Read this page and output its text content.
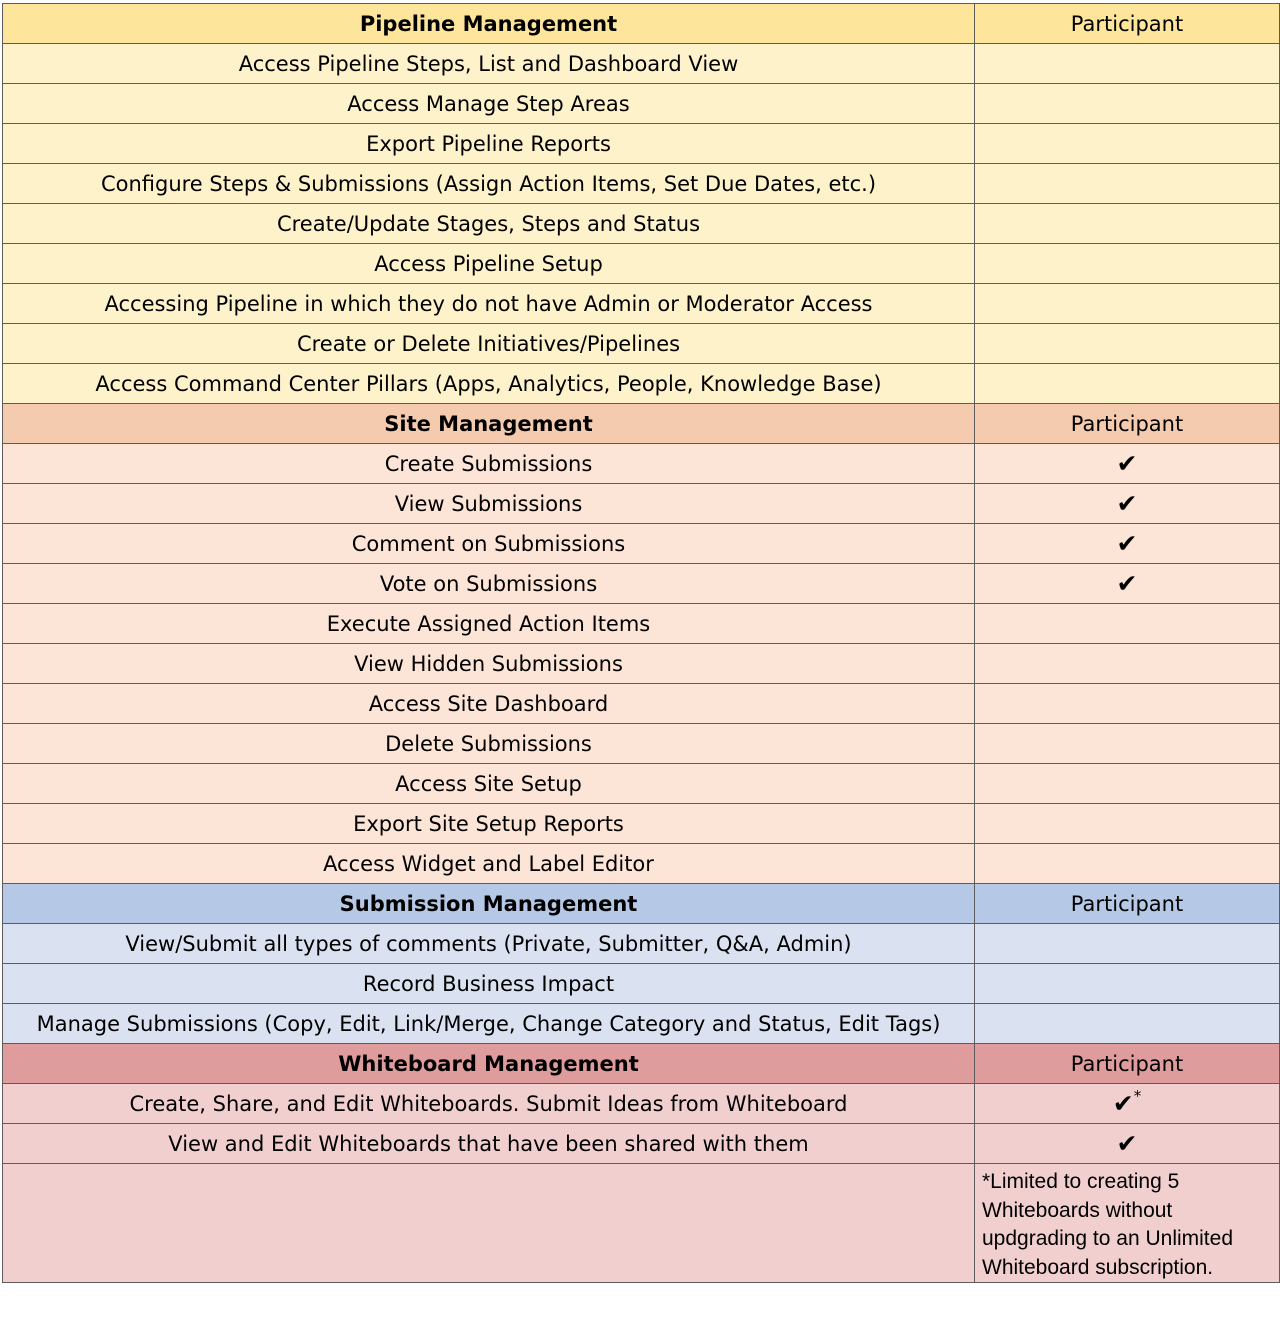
Pipeline Management	Participant
Access Pipeline Steps, List and Dashboard View	
Access Manage Step Areas	
Export Pipeline Reports	
Configure Steps & Submissions (Assign Action Items, Set Due Dates, etc.)	
Create/Update Stages, Steps and Status	
Access Pipeline Setup	
Accessing Pipeline in which they do not have Admin or Moderator Access	
Create or Delete Initiatives/Pipelines	
Access Command Center Pillars (Apps, Analytics, People, Knowledge Base)	
Site Management	Participant
Create Submissions	✔
View Submissions	✔
Comment on Submissions	✔
Vote on Submissions	✔
Execute Assigned Action Items	
View Hidden Submissions	
Access Site Dashboard	
Delete Submissions	
Access Site Setup	
Export Site Setup Reports	
Access Widget and Label Editor	
Submission Management	Participant
View/Submit all types of comments (Private, Submitter, Q&A, Admin)	
Record Business Impact	
Manage Submissions (Copy, Edit, Link/Merge, Change Category and Status, Edit Tags)	
Whiteboard Management	Participant
Create, Share, and Edit Whiteboards. Submit Ideas from Whiteboard	✔*
View and Edit Whiteboards that have been shared with them	✔
	*Limited to creating 5 Whiteboards without updgrading to an Unlimited Whiteboard subscription.
